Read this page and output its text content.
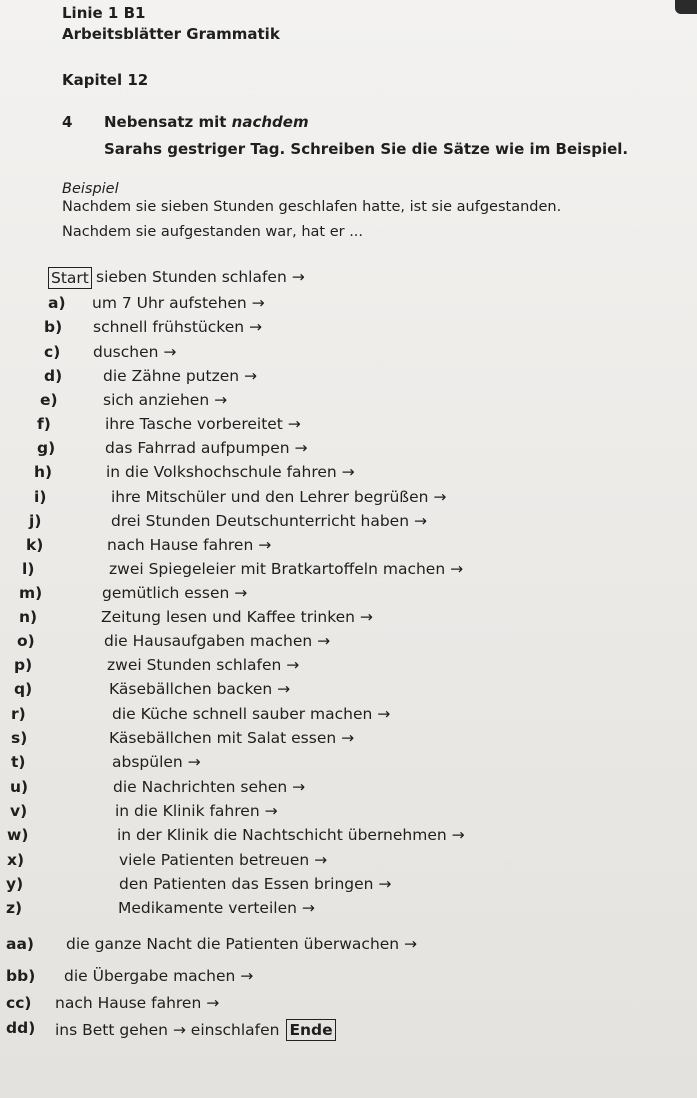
Linie 1 B1
Arbeitsblätter Grammatik
Kapitel 12
4 Nebensatz mit nachdem
Sarahs gestriger Tag. Schreiben Sie die Sätze wie im Beispiel.
Beispiel
Nachdem sie sieben Stunden geschlafen hatte, ist sie aufgestanden.
Nachdem sie aufgestanden war, hat er ...
Start sieben Stunden schlafen →
a) um 7 Uhr aufstehen →
b) schnell frühstücken →
c) duschen →
d)	die Zähne putzen →
e)	sich anziehen →
f)	ihre Tasche vorbereitet →
g)	das Fahrrad aufpumpen →
h)	in die Volkshochschule fahren →
i)	ihre Mitschüler und den Lehrer begrüßen →
j)	drei Stunden Deutschunterricht haben →
k)	nach Hause fahren →
l)	zwei Spiegeleier mit Bratkartoffeln machen →
m)	gemütlich essen →
n)	Zeitung lesen und Kaffee trinken →
o)	die Hausaufgaben machen →
p)	zwei Stunden schlafen →
q)	Käsebällchen backen →
r)	die Küche schnell sauber machen →
s)	Käsebällchen mit Salat essen →
t)	abspülen →
u)	die Nachrichten sehen →
v)	in die Klinik fahren →
w)	in der Klinik die Nachtschicht übernehmen →
x)	viele Patienten betreuen →
y)	den Patienten das Essen bringen →
z)	Medikamente verteilen →
aa) die ganze Nacht die Patienten überwachen →
bb) die Übergabe machen →
cc) nach Hause fahren →
dd) ins Bett gehen → einschlafen Ende
